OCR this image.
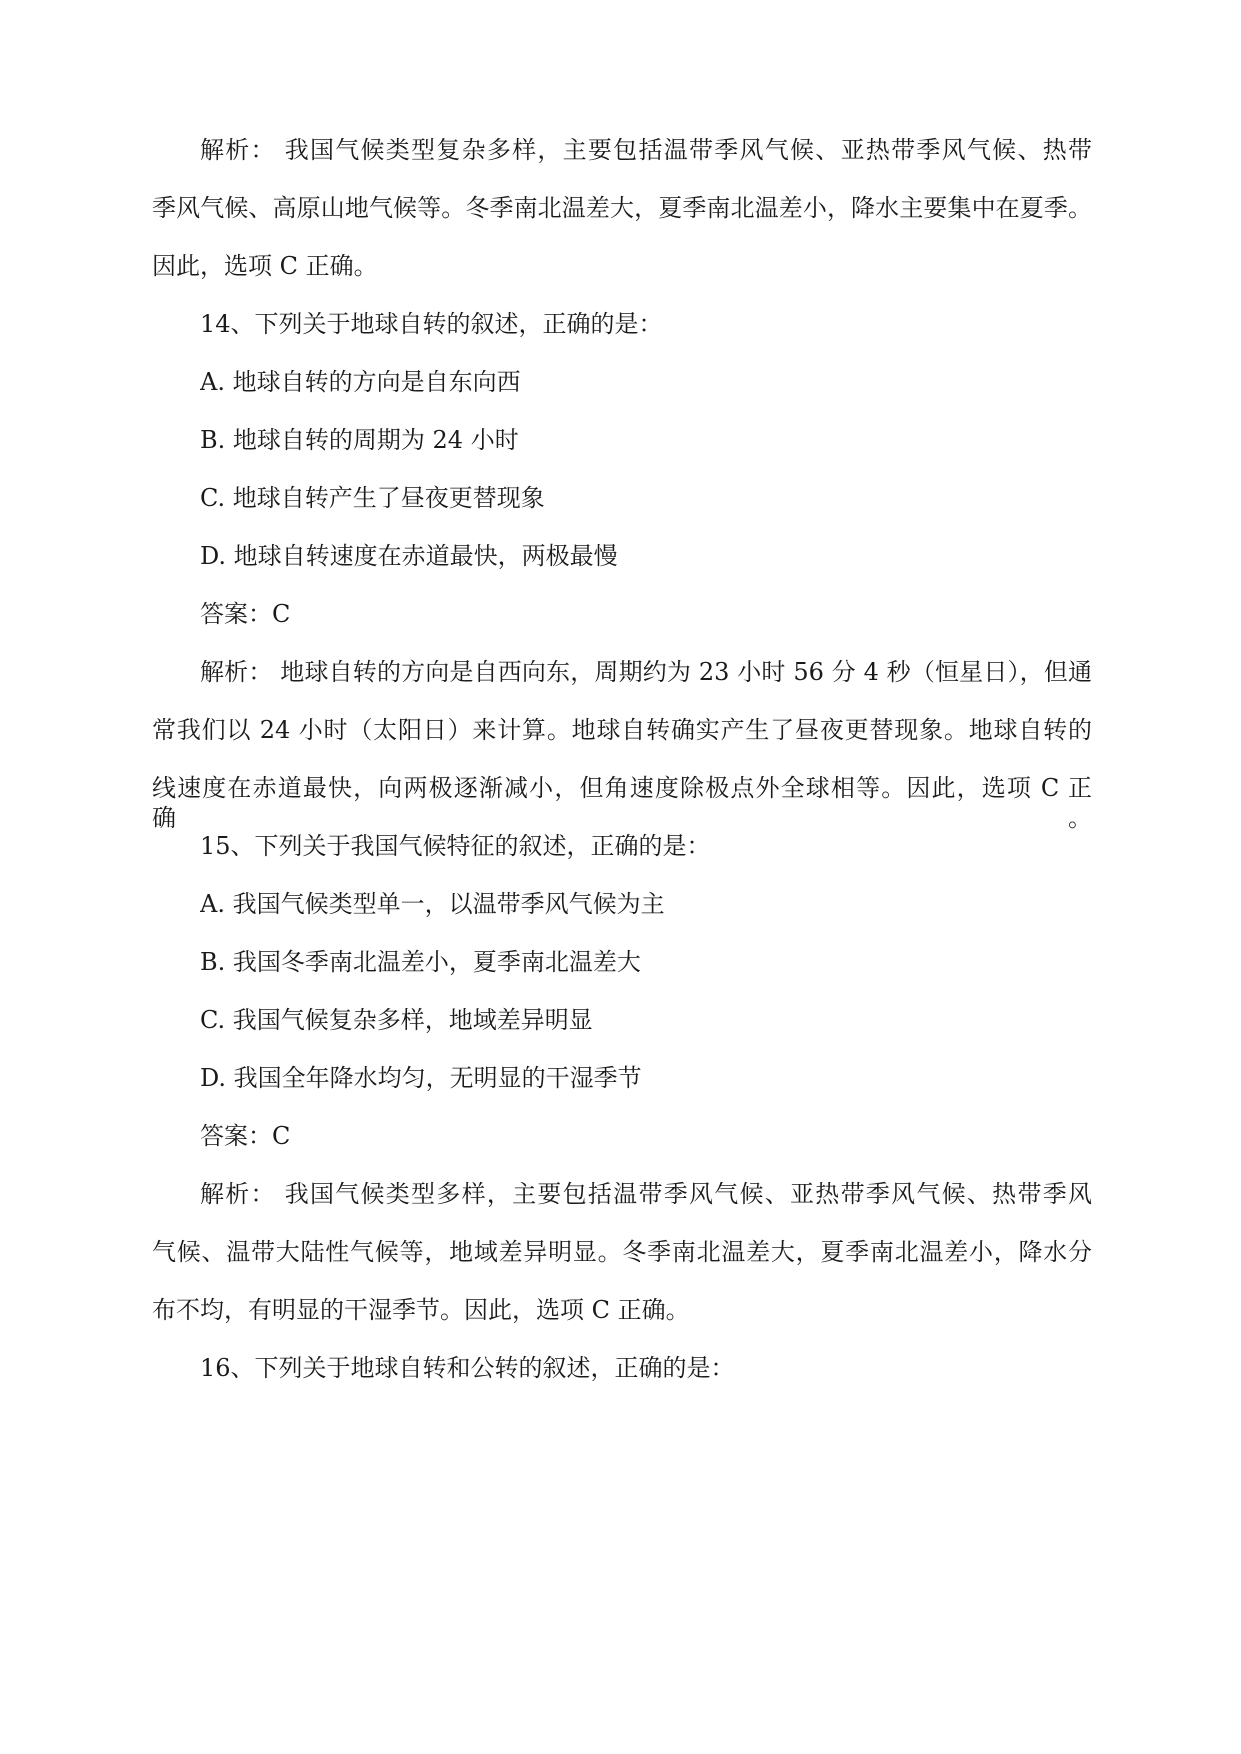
解析： 我国气候类型复杂多样，主要包括温带季风气候、亚热带季风气候、热带
季风气候、高原山地气候等。冬季南北温差大，夏季南北温差小，降水主要集中在夏季。
因此，选项 C 正确。
14、下列关于地球自转的叙述，正确的是：
A. 地球自转的方向是自东向西
B. 地球自转的周期为 24 小时
C. 地球自转产生了昼夜更替现象
D. 地球自转速度在赤道最快，两极最慢
答案：C
解析： 地球自转的方向是自西向东，周期约为 23 小时 56 分 4 秒（恒星日），但通
常我们以 24 小时（太阳日）来计算。地球自转确实产生了昼夜更替现象。地球自转的
线速度在赤道最快，向两极逐渐减小，但角速度除极点外全球相等。因此，选项 C 正确。
15、下列关于我国气候特征的叙述，正确的是：
A. 我国气候类型单一，以温带季风气候为主
B. 我国冬季南北温差小，夏季南北温差大
C. 我国气候复杂多样，地域差异明显
D. 我国全年降水均匀，无明显的干湿季节
答案：C
解析： 我国气候类型多样，主要包括温带季风气候、亚热带季风气候、热带季风
气候、温带大陆性气候等，地域差异明显。冬季南北温差大，夏季南北温差小，降水分
布不均，有明显的干湿季节。因此，选项 C 正确。
16、下列关于地球自转和公转的叙述，正确的是：
